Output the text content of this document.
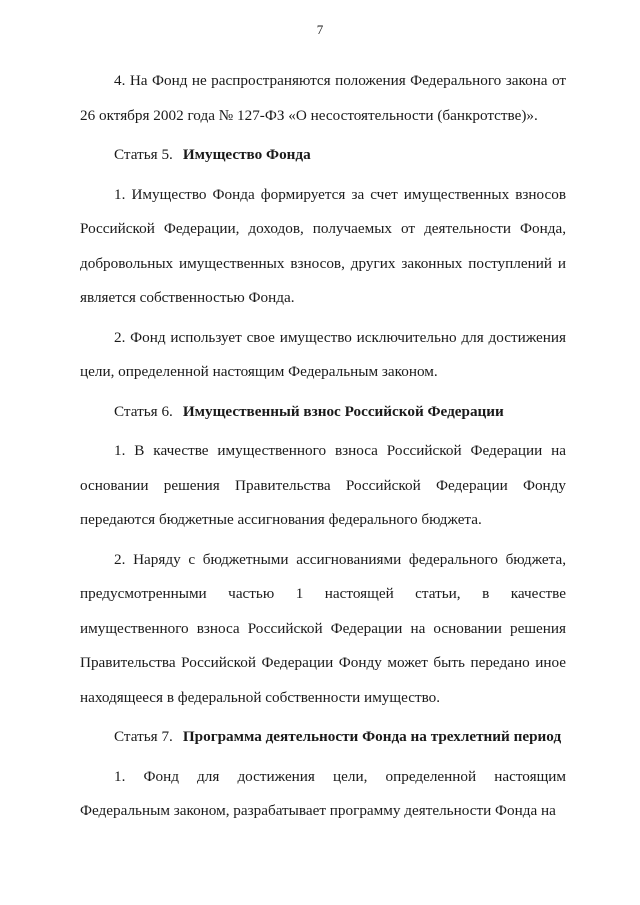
7

4. На Фонд не распространяются положения Федерального закона от 26 октября 2002 года № 127-ФЗ «О несостоятельности (банкротстве)».

Статья 5. Имущество Фонда

1. Имущество Фонда формируется за счет имущественных взносов Российской Федерации, доходов, получаемых от деятельности Фонда, добровольных имущественных взносов, других законных поступлений и является собственностью Фонда.

2. Фонд использует свое имущество исключительно для достижения цели, определенной настоящим Федеральным законом.

Статья 6. Имущественный взнос Российской Федерации

1. В качестве имущественного взноса Российской Федерации на основании решения Правительства Российской Федерации Фонду передаются бюджетные ассигнования федерального бюджета.

2. Наряду с бюджетными ассигнованиями федерального бюджета, предусмотренными частью 1 настоящей статьи, в качестве имущественного взноса Российской Федерации на основании решения Правительства Российской Федерации Фонду может быть передано иное находящееся в федеральной собственности имущество.

Статья 7. Программа деятельности Фонда на трехлетний период

1. Фонд для достижения цели, определенной настоящим Федеральным законом, разрабатывает программу деятельности Фонда на
